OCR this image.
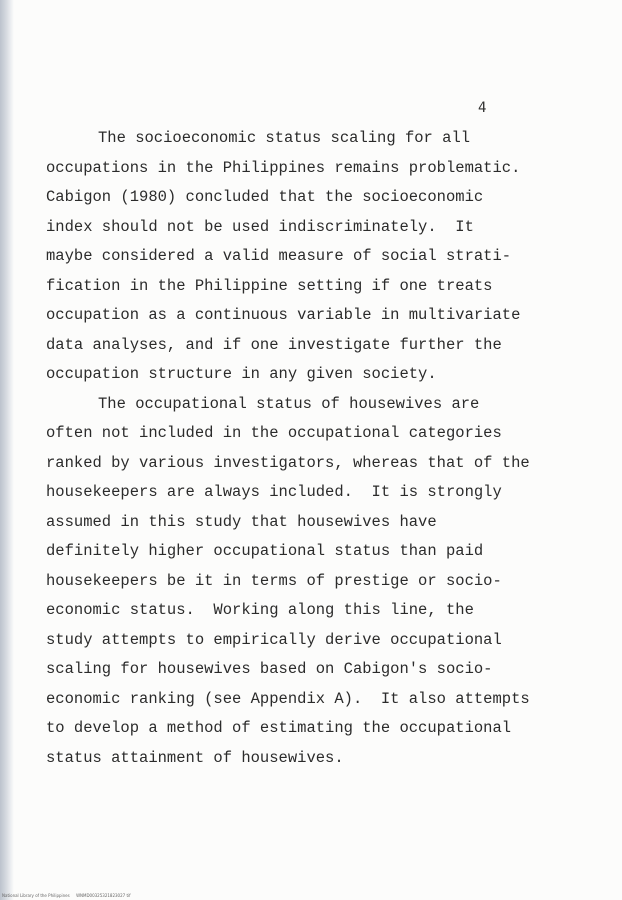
4
The socioeconomic status scaling for all
occupations in the Philippines remains problematic.
Cabigon (1980) concluded that the socioeconomic
index should not be used indiscriminately.  It
maybe considered a valid measure of social strati-
fication in the Philippine setting if one treats
occupation as a continuous variable in multivariate
data analyses, and if one investigate further the
occupation structure in any given society.
The occupational status of housewives are
often not included in the occupational categories
ranked by various investigators, whereas that of the
housekeepers are always included.  It is strongly
assumed in this study that housewives have
definitely higher occupational status than paid
housekeepers be it in terms of prestige or socio-
economic status.  Working along this line, the
study attempts to empirically derive occupational
scaling for housewives based on Cabigon's socio-
economic ranking (see Appendix A).  It also attempts
to develop a method of estimating the occupational
status attainment of housewives.
National Library of the Philippines     WNMD00325321823027 tif
